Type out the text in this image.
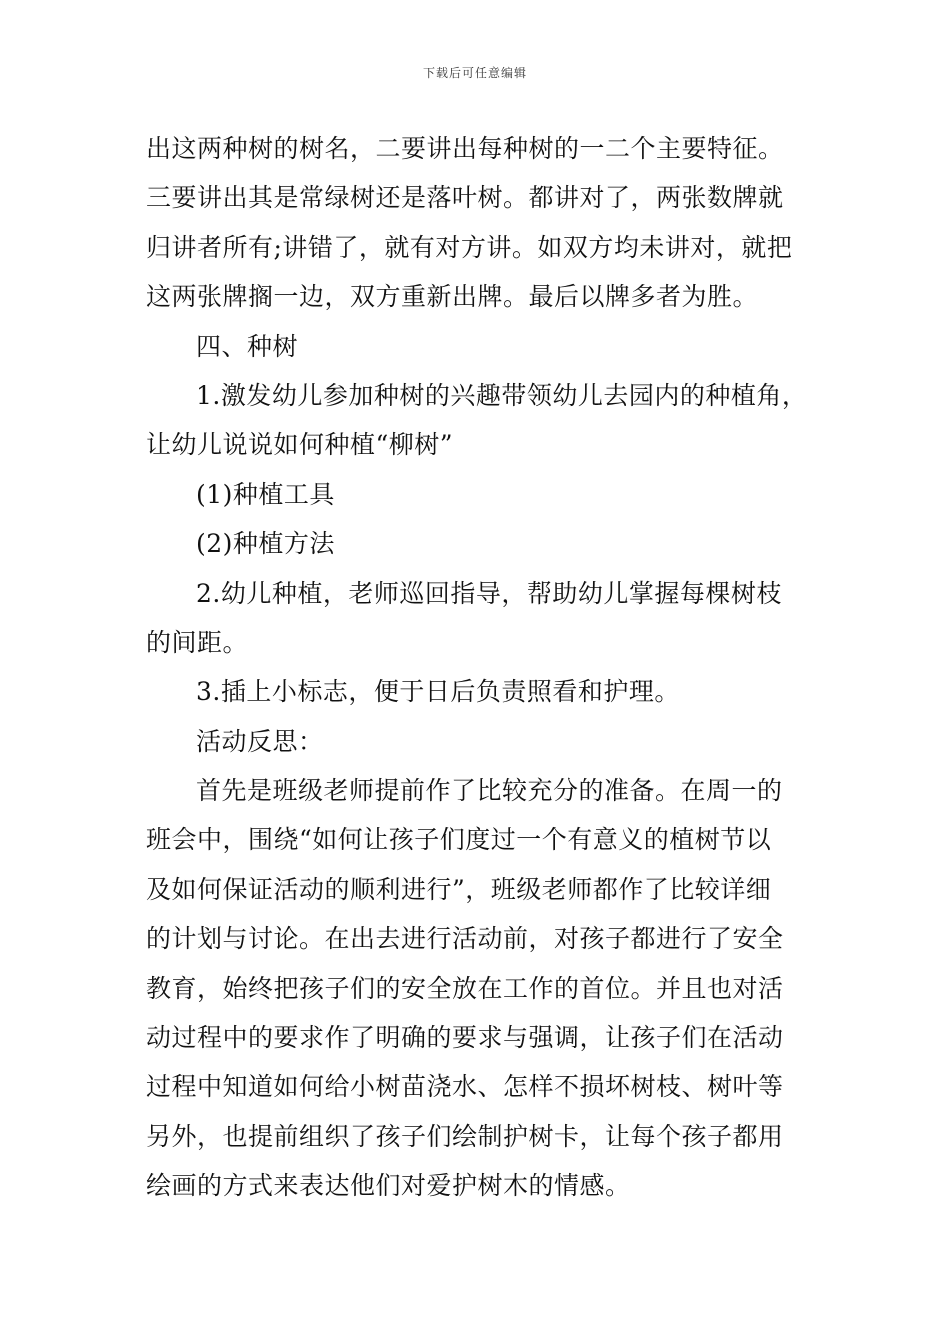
下载后可任意编辑
出这两种树的树名，二要讲出每种树的一二个主要特征。
三要讲出其是常绿树还是落叶树。都讲对了，两张数牌就
归讲者所有;讲错了，就有对方讲。如双方均未讲对，就把
这两张牌搁一边，双方重新出牌。最后以牌多者为胜。
四、种树
1.激发幼儿参加种树的兴趣带领幼儿去园内的种植角，
让幼儿说说如何种植“柳树”
(1)种植工具
(2)种植方法
2.幼儿种植，老师巡回指导，帮助幼儿掌握每棵树枝
的间距。
3.插上小标志，便于日后负责照看和护理。
活动反思：
首先是班级老师提前作了比较充分的准备。在周一的
班会中，围绕“如何让孩子们度过一个有意义的植树节以
及如何保证活动的顺利进行”，班级老师都作了比较详细
的计划与讨论。在出去进行活动前，对孩子都进行了安全
教育，始终把孩子们的安全放在工作的首位。并且也对活
动过程中的要求作了明确的要求与强调，让孩子们在活动
过程中知道如何给小树苗浇水、怎样不损坏树枝、树叶等
另外，也提前组织了孩子们绘制护树卡，让每个孩子都用
绘画的方式来表达他们对爱护树木的情感。
